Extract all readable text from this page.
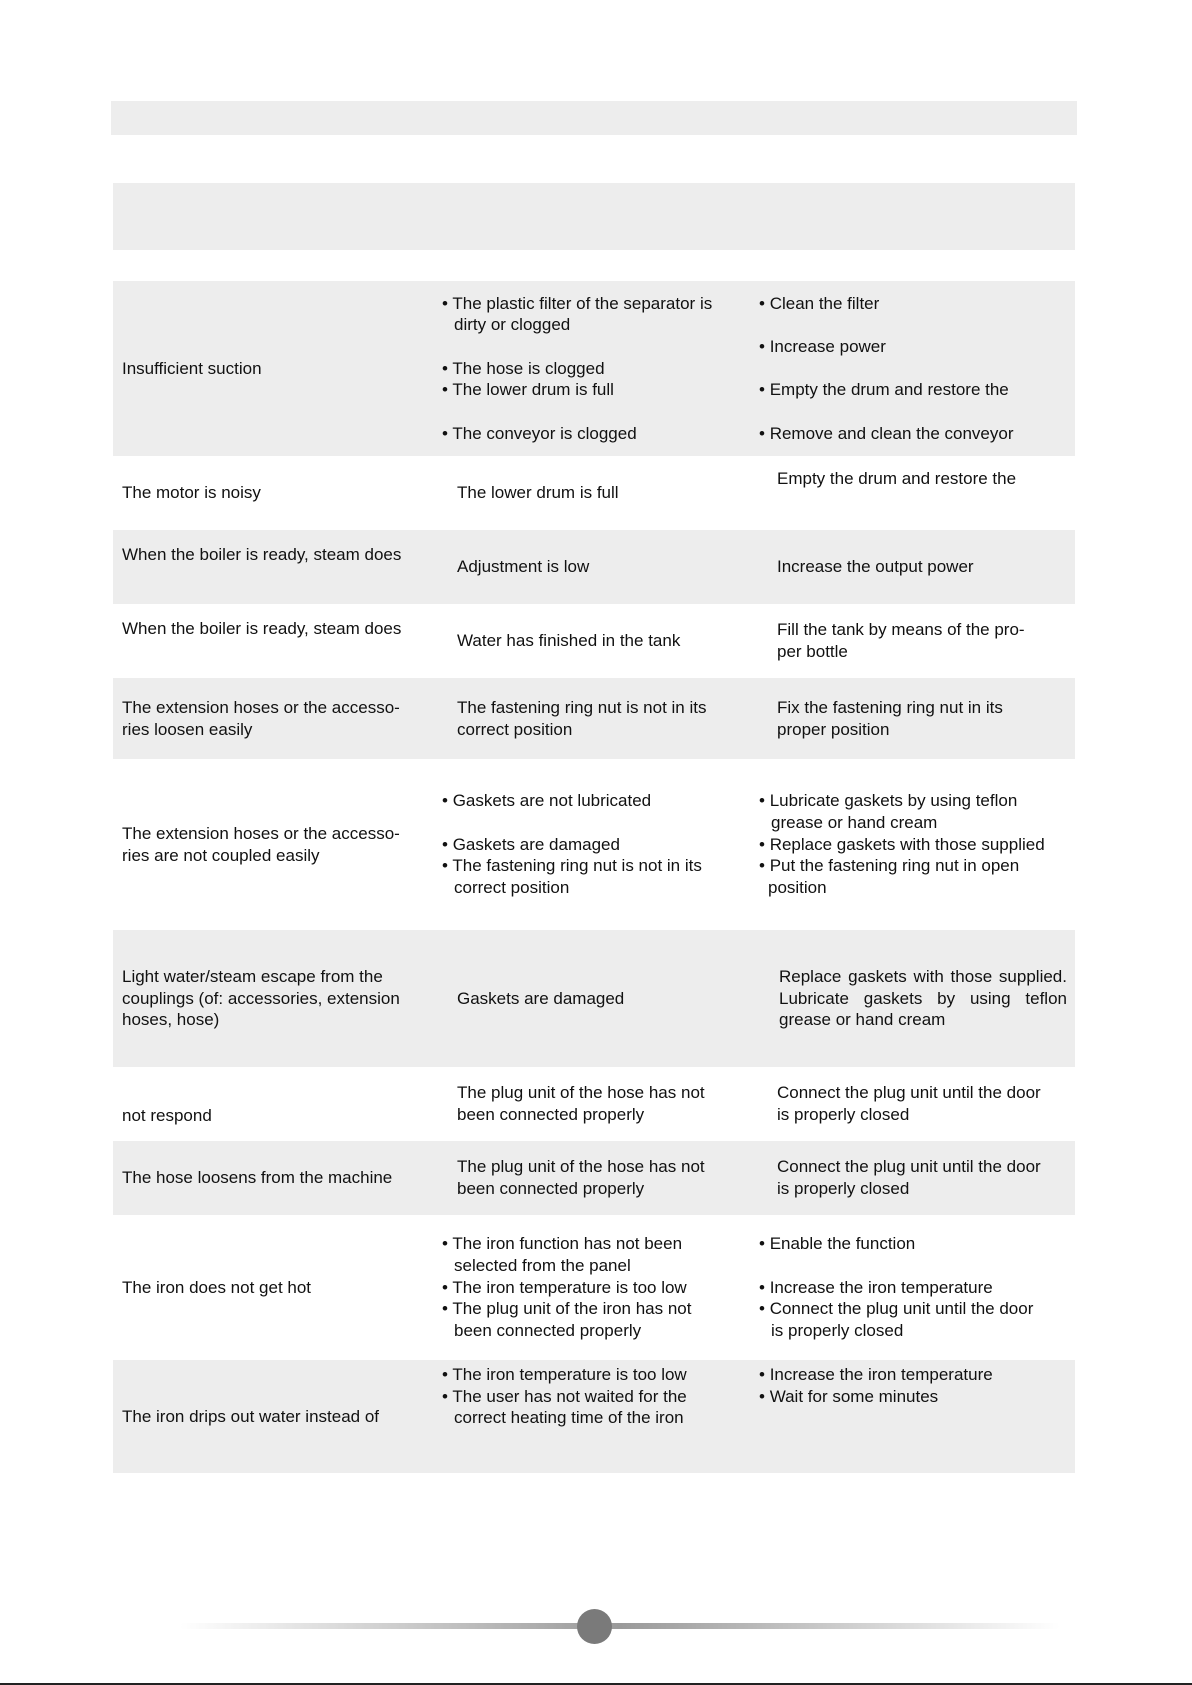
Insufficient suction
• The plastic filter of the separator is
dirty or clogged
• The hose is clogged
• The lower drum is full
• The conveyor is clogged
• Clean the filter
• Increase power
• Empty the drum and restore the
• Remove and clean the conveyor
The motor is noisy	The lower drum is full
Empty the drum and restore the
When the boiler is ready, steam does
Adjustment is low	Increase the output power
When the boiler is ready, steam does
Water has finished in the tank
Fill the tank by means of the pro-
per bottle
The extension hoses or the accesso-
ries loosen easily
The fastening ring nut is not in its
correct position
Fix the fastening ring nut in its
proper position
The extension hoses or the accesso-
ries are not coupled easily
• Gaskets are not lubricated
• Gaskets are damaged
• The fastening ring nut is not in its
correct position
• Lubricate gaskets by using teflon
grease or hand cream
• Replace gaskets with those supplied
• Put the fastening ring nut in open
position
Light water/steam escape from the
couplings (of: accessories, extension
hoses, hose)
Gaskets are damaged
Replace gaskets with those supplied. Lubricate gaskets by using teflon grease or hand cream
not respond
The plug unit of the hose has not
been connected properly
Connect the plug unit until the door
is properly closed
The hose loosens from the machine
The plug unit of the hose has not
been connected properly
Connect the plug unit until the door
is properly closed
The iron does not get hot
• The iron function has not been
selected from the panel
• The iron temperature is too low
• The plug unit of the iron has not
been connected properly
• Enable the function
• Increase the iron temperature
• Connect the plug unit until the door
is properly closed
The iron drips out water instead of
• The iron temperature is too low
• The user has not waited for the
correct heating time of the iron
• Increase the iron temperature
• Wait for some minutes
